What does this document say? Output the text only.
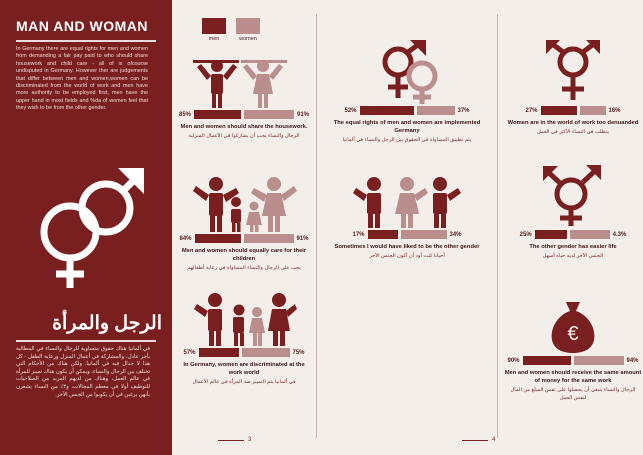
MAN AND WOMAN
In Germany there are equal rights for men and women from demanding a fair pay paid to who should share housework and child care - all of is ofcourse undisputed in Germany. However ther are judgements that differ between men and women,women can be discriminated from the world of work and men have more authority to be employed first, men have the upper hand in most fields and %da of women feel that they wish to be from the other gender.
الرجل والمرأة
في ألمانيا هناك حقوق متساوية للرجال والنساء في المطالبة بأجر عادل، والمشاركة في أعمال المنزل ورعاية الطفل - كل هذا لا جدال فيه في ألمانيا. ولكن هناك من الأحكام التي تختلف بين الرجال والنساء، ويمكن أن يكون هناك تمييز للمرأة في عالم العمل، وهناك من لديهم المزيد من الصلاحيات للتوظيف أولا في معظم المجالات، و٣٪ من النساء يشعرن بأنهن يرغبن في أن يكونوا من الجنس الآخر.
men	women
85%	91%
Men and women should share the housework.
الرجال والنساء يجب أن يشاركوا في الأعمال المنزلية
52%	37%
The equal rights of men and women are implemented Germany
يتم تطبيق المساواة في الحقوق بين الرجل والنساء في ألمانيا
27%	16%
Women are in the world of work too denuanded
يتطلب في النساء الأكثر في العمل
84%	91%
Men and women should equally care for their children
يجب على الرجال والنساء المساواة في رعاية أطفالهم
17%	34%
Sometimes I would have liked to be the other gender
أحيانا كنت أود أن أكون الجنس الآخر
25%	4.3%
The other gender has easier life
الجنس الآخر لديه حياة أسهل
57%	75%
In Germany, women are discriminated at the work world
في ألمانيا يتم التمييز ضد المرأة في عالم الأعمال
€
90%	94%
Men and women should receive the same amount of money for the same work
الرجال والنساء ينبغي أن يحصلوا على نفس المبلغ من المال لنفس العمل
3	4
